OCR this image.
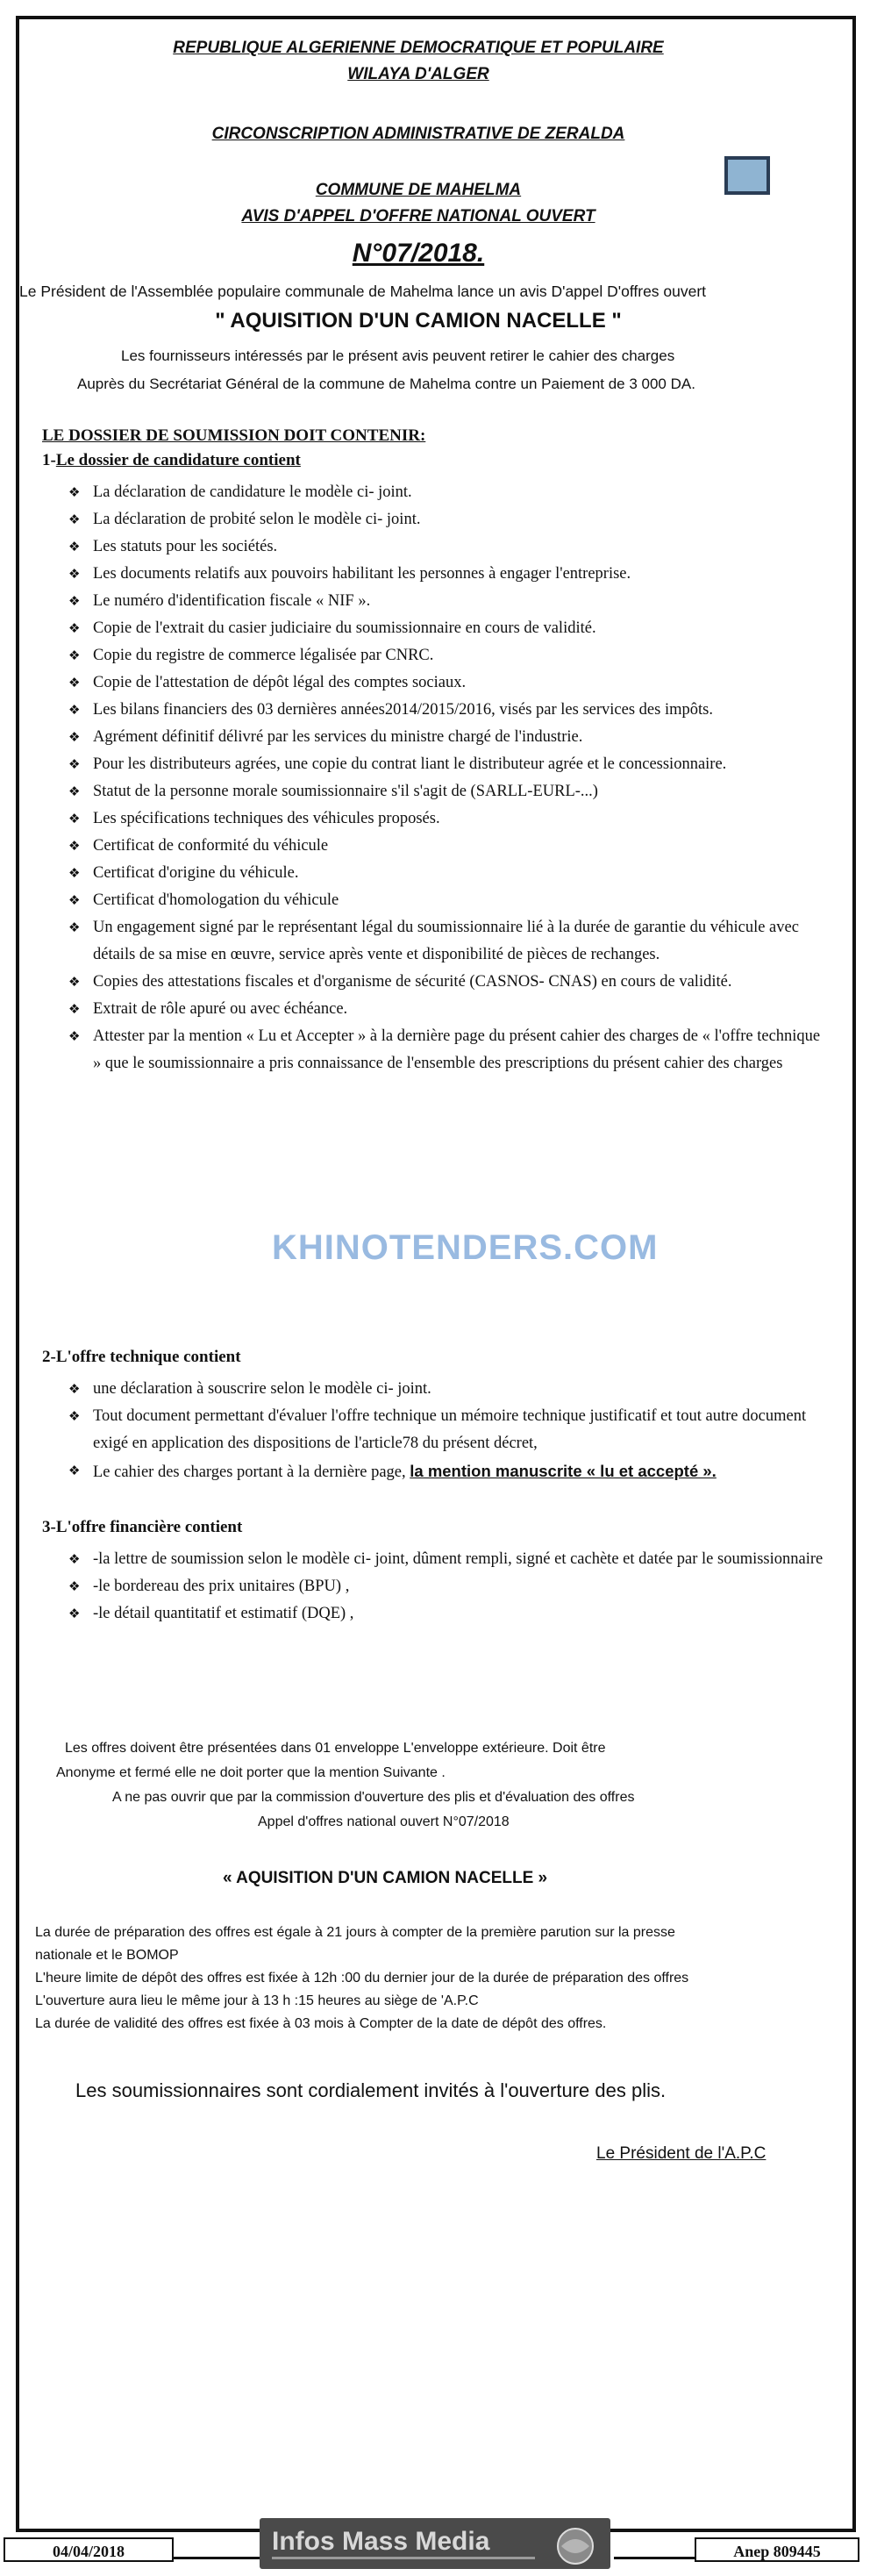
REPUBLIQUE ALGERIENNE DEMOCRATIQUE ET POPULAIRE
WILAYA D'ALGER
CIRCONSCRIPTION ADMINISTRATIVE DE ZERALDA
COMMUNE DE MAHELMA
AVIS D'APPEL D'OFFRE NATIONAL OUVERT
N°07/2018.
Le Président de l'Assemblée populaire communale de Mahelma lance un avis D'appel D'offres ouvert
" AQUISITION D'UN CAMION NACELLE "
Les fournisseurs intéressés par le présent avis peuvent retirer le cahier des charges
Auprès du Secrétariat Général de la commune de Mahelma contre un Paiement de 3 000 DA.
LE DOSSIER DE SOUMISSION DOIT CONTENIR:
1-Le dossier de candidature contient
❖ La déclaration de candidature le modèle ci- joint.
❖ La déclaration de probité selon le modèle ci- joint.
❖ Les statuts pour les sociétés.
❖ Les documents relatifs aux pouvoirs habilitant les personnes à engager l'entreprise.
❖ Le numéro d'identification fiscale « NIF ».
❖ Copie de l'extrait du casier judiciaire du soumissionnaire en cours de validité.
❖ Copie du registre de commerce légalisée par CNRC.
❖ Copie de l'attestation de dépôt légal des comptes sociaux.
❖ Les bilans financiers des 03 dernières années2014/2015/2016, visés par les services des impôts.
❖ Agrément définitif délivré par les services du ministre chargé de l'industrie.
❖ Pour les distributeurs agrées, une copie du contrat liant le distributeur agrée et le concessionnaire.
❖ Statut de la personne morale soumissionnaire s'il s'agit de (SARLL-EURL-...)
❖ Les spécifications techniques des véhicules proposés.
❖ Certificat de conformité du véhicule
❖ Certificat d'origine du véhicule.
❖ Certificat d'homologation du véhicule
❖ Un engagement signé par le représentant légal du soumissionnaire lié à la durée de garantie du véhicule avec détails de sa mise en œuvre, service après vente et disponibilité de pièces de rechanges.
❖ Copies des attestations fiscales et d'organisme de sécurité (CASNOS- CNAS) en cours de validité.
❖ Extrait de rôle apuré ou avec échéance.
❖ Attester par la mention « Lu et Accepter » à la dernière page du présent cahier des charges de « l'offre technique » que le soumissionnaire a pris connaissance de l'ensemble des prescriptions du présent cahier des charges
KHINOTENDERS.COM
2-L'offre technique contient
❖ une déclaration à souscrire selon le modèle ci- joint.
❖ Tout document permettant d'évaluer l'offre technique un mémoire technique justificatif et tout autre document exigé en application des dispositions de l'article78 du présent décret,
❖ Le cahier des charges portant à la dernière page, la mention manuscrite « lu et accepté ».
3-L'offre financière contient
❖ -la lettre de soumission selon le modèle ci- joint, dûment rempli, signé et cachète et datée par le soumissionnaire
❖ -le bordereau des prix unitaires (BPU) ,
❖ -le détail quantitatif et estimatif (DQE) ,
Les offres doivent être présentées dans 01 enveloppe L'enveloppe extérieure. Doit être
Anonyme et fermé elle ne doit porter que la mention Suivante .
A ne pas ouvrir que par la commission d'ouverture des plis et d'évaluation des offres
Appel d'offres national ouvert N°07/2018
« AQUISITION D'UN CAMION NACELLE »
La durée de préparation des offres est égale à 21 jours à compter de la première parution sur la presse
nationale et le BOMOP
L'heure limite de dépôt des offres est fixée à 12h :00 du dernier jour de la durée de préparation des offres
L'ouverture aura lieu le même jour à 13 h :15 heures au siège de 'A.P.C
La durée de validité des offres est fixée à 03 mois à Compter de la date de dépôt des offres.
Les soumissionnaires sont cordialement invités à l'ouverture des plis.
Le Président de l'A.P.C
04/04/2018	Anep 809445
Infos Mass Media
